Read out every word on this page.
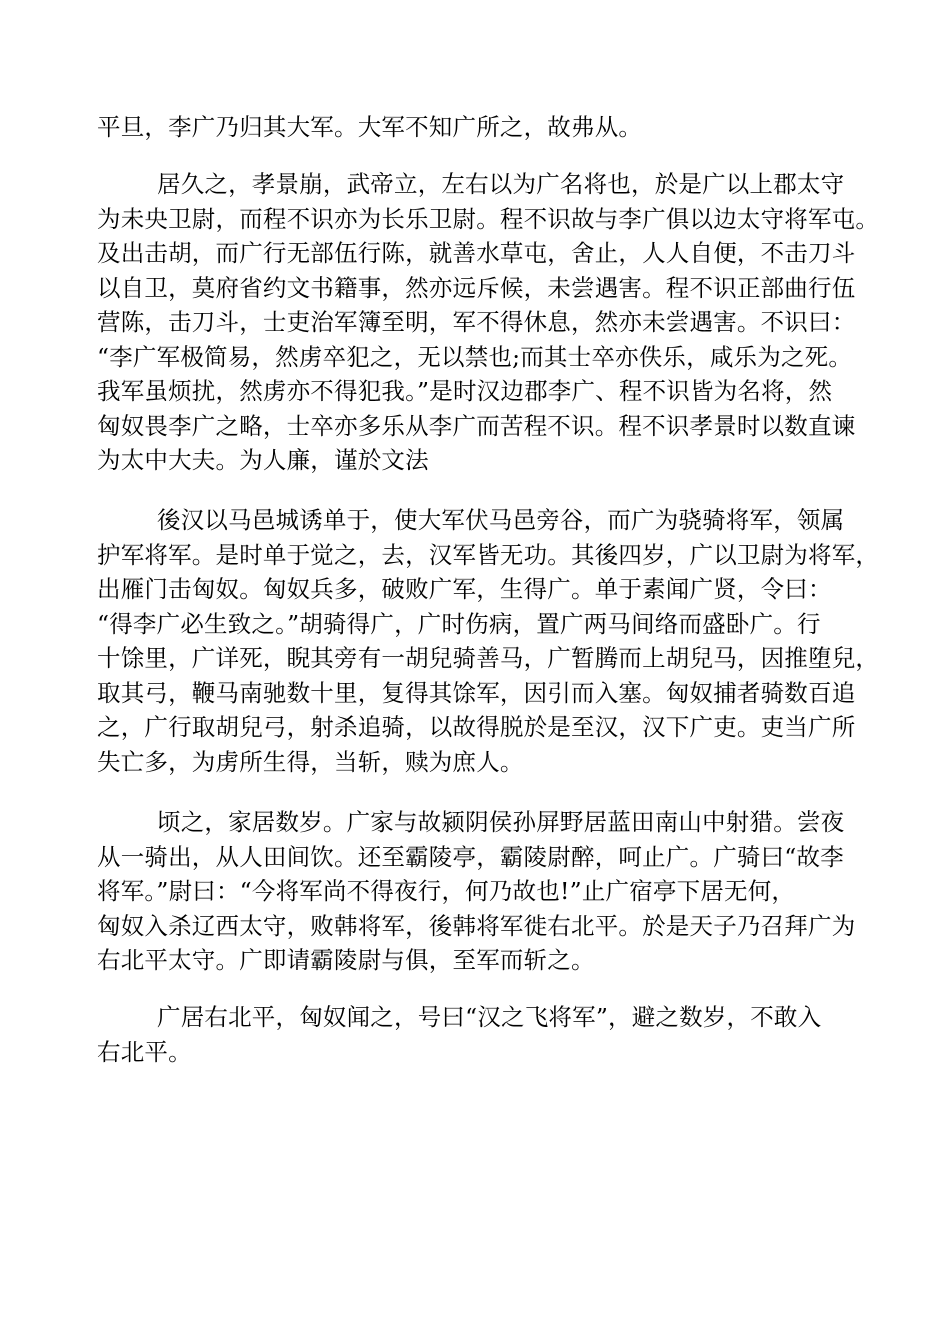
平旦，李广乃归其大军。大军不知广所之，故弗从。
居久之，孝景崩，武帝立，左右以为广名将也，於是广以上郡太守
为未央卫尉，而程不识亦为长乐卫尉。程不识故与李广俱以边太守将军屯。
及出击胡，而广行无部伍行陈，就善水草屯，舍止，人人自便，不击刀斗
以自卫，莫府省约文书籍事，然亦远斥候，未尝遇害。程不识正部曲行伍
营陈，击刀斗，士吏治军簿至明，军不得休息，然亦未尝遇害。不识曰：
“李广军极简易，然虏卒犯之，无以禁也;而其士卒亦佚乐，咸乐为之死。
我军虽烦扰，然虏亦不得犯我。”是时汉边郡李广、程不识皆为名将，然
匈奴畏李广之略，士卒亦多乐从李广而苦程不识。程不识孝景时以数直谏
为太中大夫。为人廉，谨於文法
後汉以马邑城诱单于，使大军伏马邑旁谷，而广为骁骑将军，领属
护军将军。是时单于觉之，去，汉军皆无功。其後四岁，广以卫尉为将军，
出雁门击匈奴。匈奴兵多，破败广军，生得广。单于素闻广贤，令曰：
“得李广必生致之。”胡骑得广，广时伤病，置广两马间络而盛卧广。行
十馀里，广详死，睨其旁有一胡兒骑善马，广暂腾而上胡兒马，因推堕兒，
取其弓，鞭马南驰数十里，复得其馀军，因引而入塞。匈奴捕者骑数百追
之，广行取胡兒弓，射杀追骑，以故得脱於是至汉，汉下广吏。吏当广所
失亡多，为虏所生得，当斩，赎为庶人。
顷之，家居数岁。广家与故颍阴侯孙屏野居蓝田南山中射猎。尝夜
从一骑出，从人田间饮。还至霸陵亭，霸陵尉醉，呵止广。广骑曰“故李
将军。”尉曰：“今将军尚不得夜行，何乃故也!”止广宿亭下居无何，
匈奴入杀辽西太守，败韩将军，後韩将军徙右北平。於是天子乃召拜广为
右北平太守。广即请霸陵尉与俱，至军而斩之。
广居右北平，匈奴闻之，号曰“汉之飞将军”，避之数岁，不敢入
右北平。
